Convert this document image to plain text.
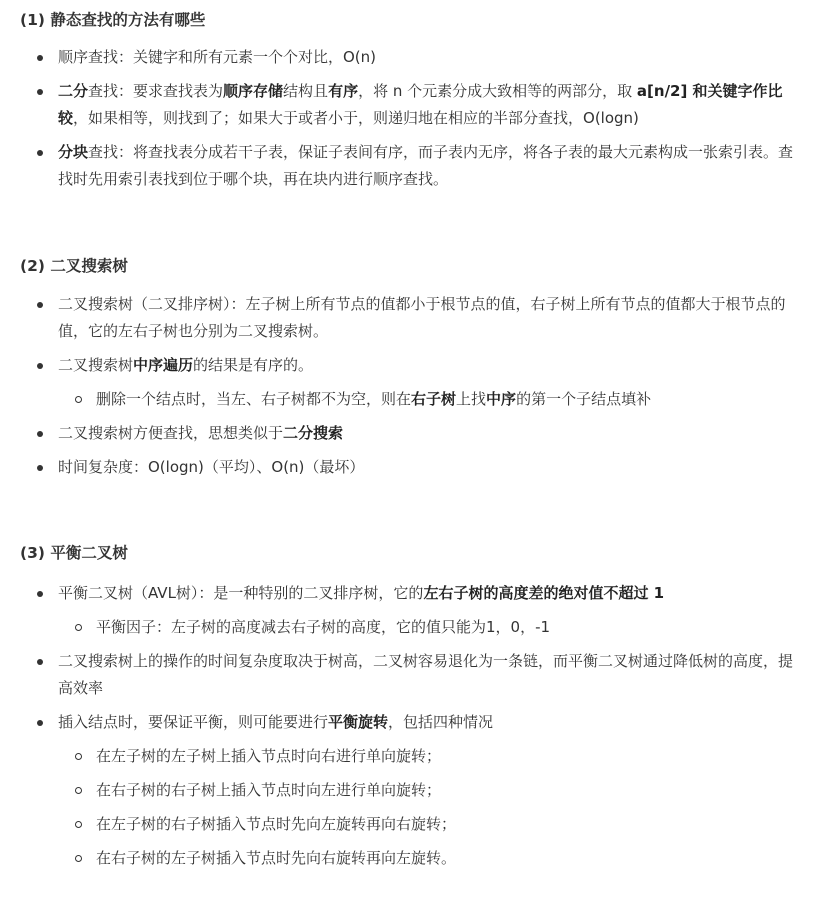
(1) 静态查找的方法有哪些
顺序查找：关键字和所有元素一个个对比，O(n)
二分查找：要求查找表为顺序存储结构且有序，将 n 个元素分成大致相等的两部分，取 a[n/2] 和关键字作比较，如果相等，则找到了；如果大于或者小于，则递归地在相应的半部分查找，O(logn)
分块查找：将查找表分成若干子表，保证子表间有序，而子表内无序，将各子表的最大元素构成一张索引表。查找时先用索引表找到位于哪个块，再在块内进行顺序查找。
(2) 二叉搜索树
二叉搜索树（二叉排序树）：左子树上所有节点的值都小于根节点的值，右子树上所有节点的值都大于根节点的值，它的左右子树也分别为二叉搜索树。
二叉搜索树中序遍历的结果是有序的。
删除一个结点时，当左、右子树都不为空，则在右子树上找中序的第一个子结点填补
二叉搜索树方便查找，思想类似于二分搜索
时间复杂度：O(logn)（平均）、O(n)（最坏）
(3) 平衡二叉树
平衡二叉树（AVL树）：是一种特别的二叉排序树，它的左右子树的高度差的绝对值不超过 1
平衡因子：左子树的高度减去右子树的高度，它的值只能为1，0，-1
二叉搜索树上的操作的时间复杂度取决于树高，二叉树容易退化为一条链，而平衡二叉树通过降低树的高度，提高效率
插入结点时，要保证平衡，则可能要进行平衡旋转，包括四种情况
在左子树的左子树上插入节点时向右进行单向旋转；
在右子树的右子树上插入节点时向左进行单向旋转；
在左子树的右子树插入节点时先向左旋转再向右旋转；
在右子树的左子树插入节点时先向右旋转再向左旋转。
